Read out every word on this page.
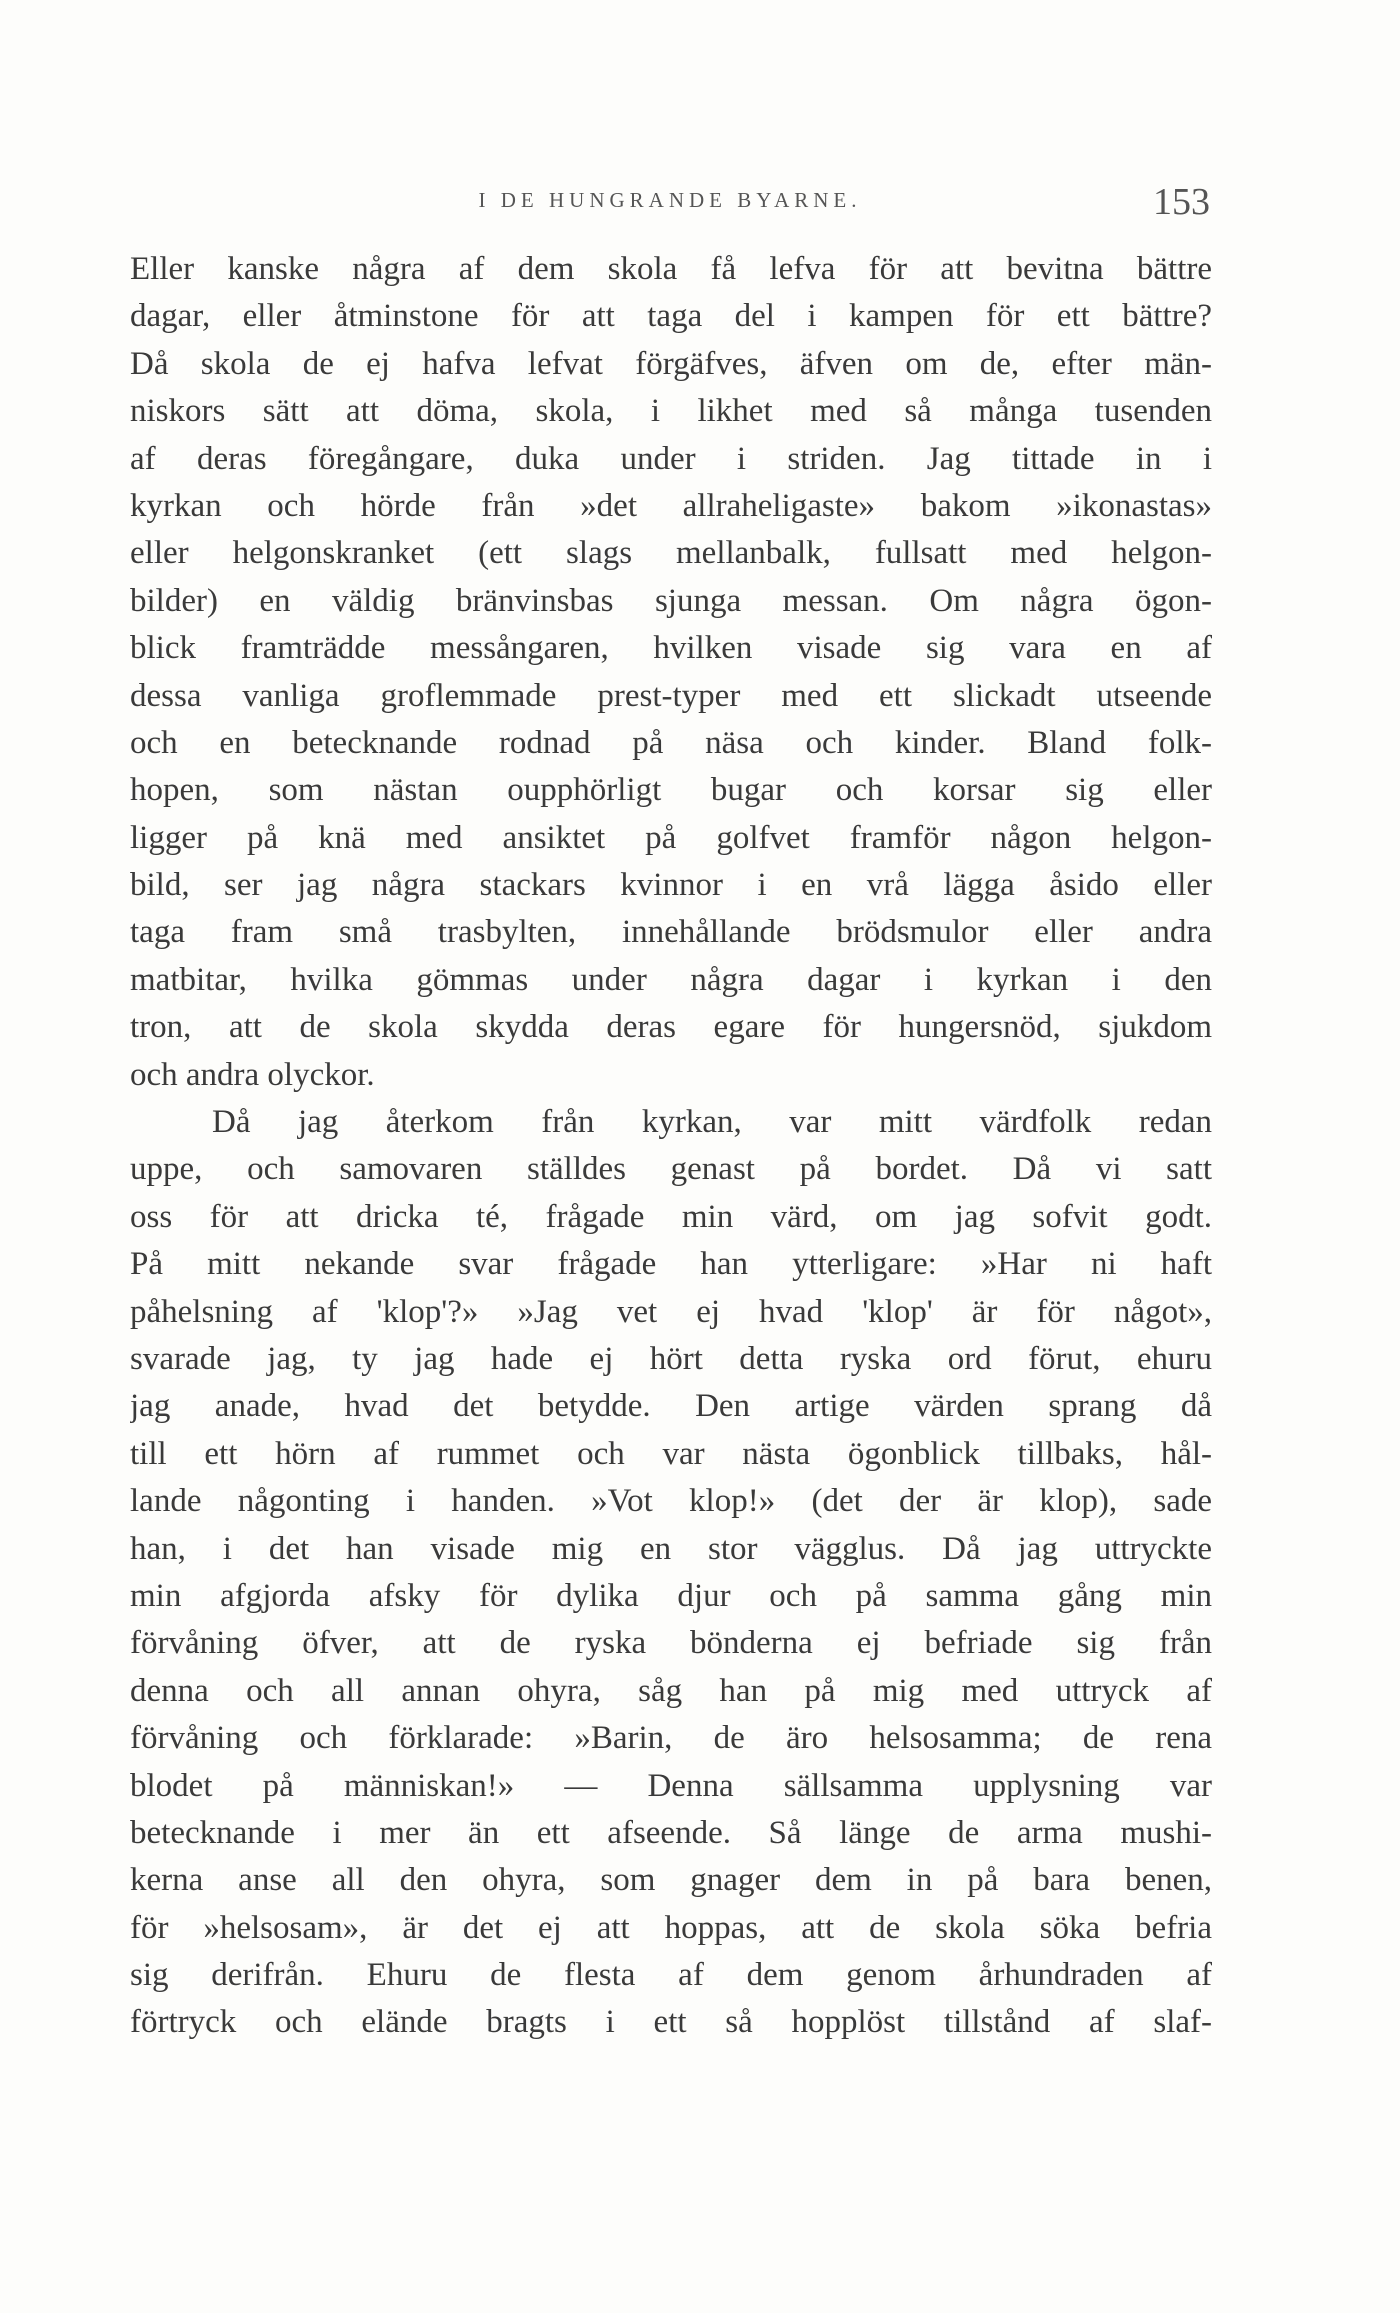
I DE HUNGRANDE BYARNE.	153
Eller kanske några af dem skola få lefva för att bevitna bättre
dagar, eller åtminstone för att taga del i kampen för ett bättre?
Då skola de ej hafva lefvat förgäfves, äfven om de, efter män-
niskors sätt att döma, skola, i likhet med så många tusenden
af deras föregångare, duka under i striden. Jag tittade in i
kyrkan och hörde från »det allraheligaste» bakom »ikonastas»
eller helgonskranket (ett slags mellanbalk, fullsatt med helgon-
bilder) en väldig bränvinsbas sjunga messan. Om några ögon-
blick framträdde messångaren, hvilken visade sig vara en af
dessa vanliga groflemmade prest-typer med ett slickadt utseende
och en betecknande rodnad på näsa och kinder. Bland folk-
hopen, som nästan oupphörligt bugar och korsar sig eller
ligger på knä med ansiktet på golfvet framför någon helgon-
bild, ser jag några stackars kvinnor i en vrå lägga åsido eller
taga fram små trasbylten, innehållande brödsmulor eller andra
matbitar, hvilka gömmas under några dagar i kyrkan i den
tron, att de skola skydda deras egare för hungersnöd, sjukdom
och andra olyckor.
Då jag återkom från kyrkan, var mitt värdfolk redan
uppe, och samovaren ställdes genast på bordet. Då vi satt
oss för att dricka té, frågade min värd, om jag sofvit godt.
På mitt nekande svar frågade han ytterligare: »Har ni haft
påhelsning af 'klop'?» »Jag vet ej hvad 'klop' är för något»,
svarade jag, ty jag hade ej hört detta ryska ord förut, ehuru
jag anade, hvad det betydde. Den artige värden sprang då
till ett hörn af rummet och var nästa ögonblick tillbaks, hål-
lande någonting i handen. »Vot klop!» (det der är klop), sade
han, i det han visade mig en stor vägglus. Då jag uttryckte
min afgjorda afsky för dylika djur och på samma gång min
förvåning öfver, att de ryska bönderna ej befriade sig från
denna och all annan ohyra, såg han på mig med uttryck af
förvåning och förklarade: »Barin, de äro helsosamma; de rena
blodet på människan!» — Denna sällsamma upplysning var
betecknande i mer än ett afseende. Så länge de arma mushi-
kerna anse all den ohyra, som gnager dem in på bara benen,
för »helsosam», är det ej att hoppas, att de skola söka befria
sig derifrån. Ehuru de flesta af dem genom århundraden af
förtryck och elände bragts i ett så hopplöst tillstånd af slaf-
